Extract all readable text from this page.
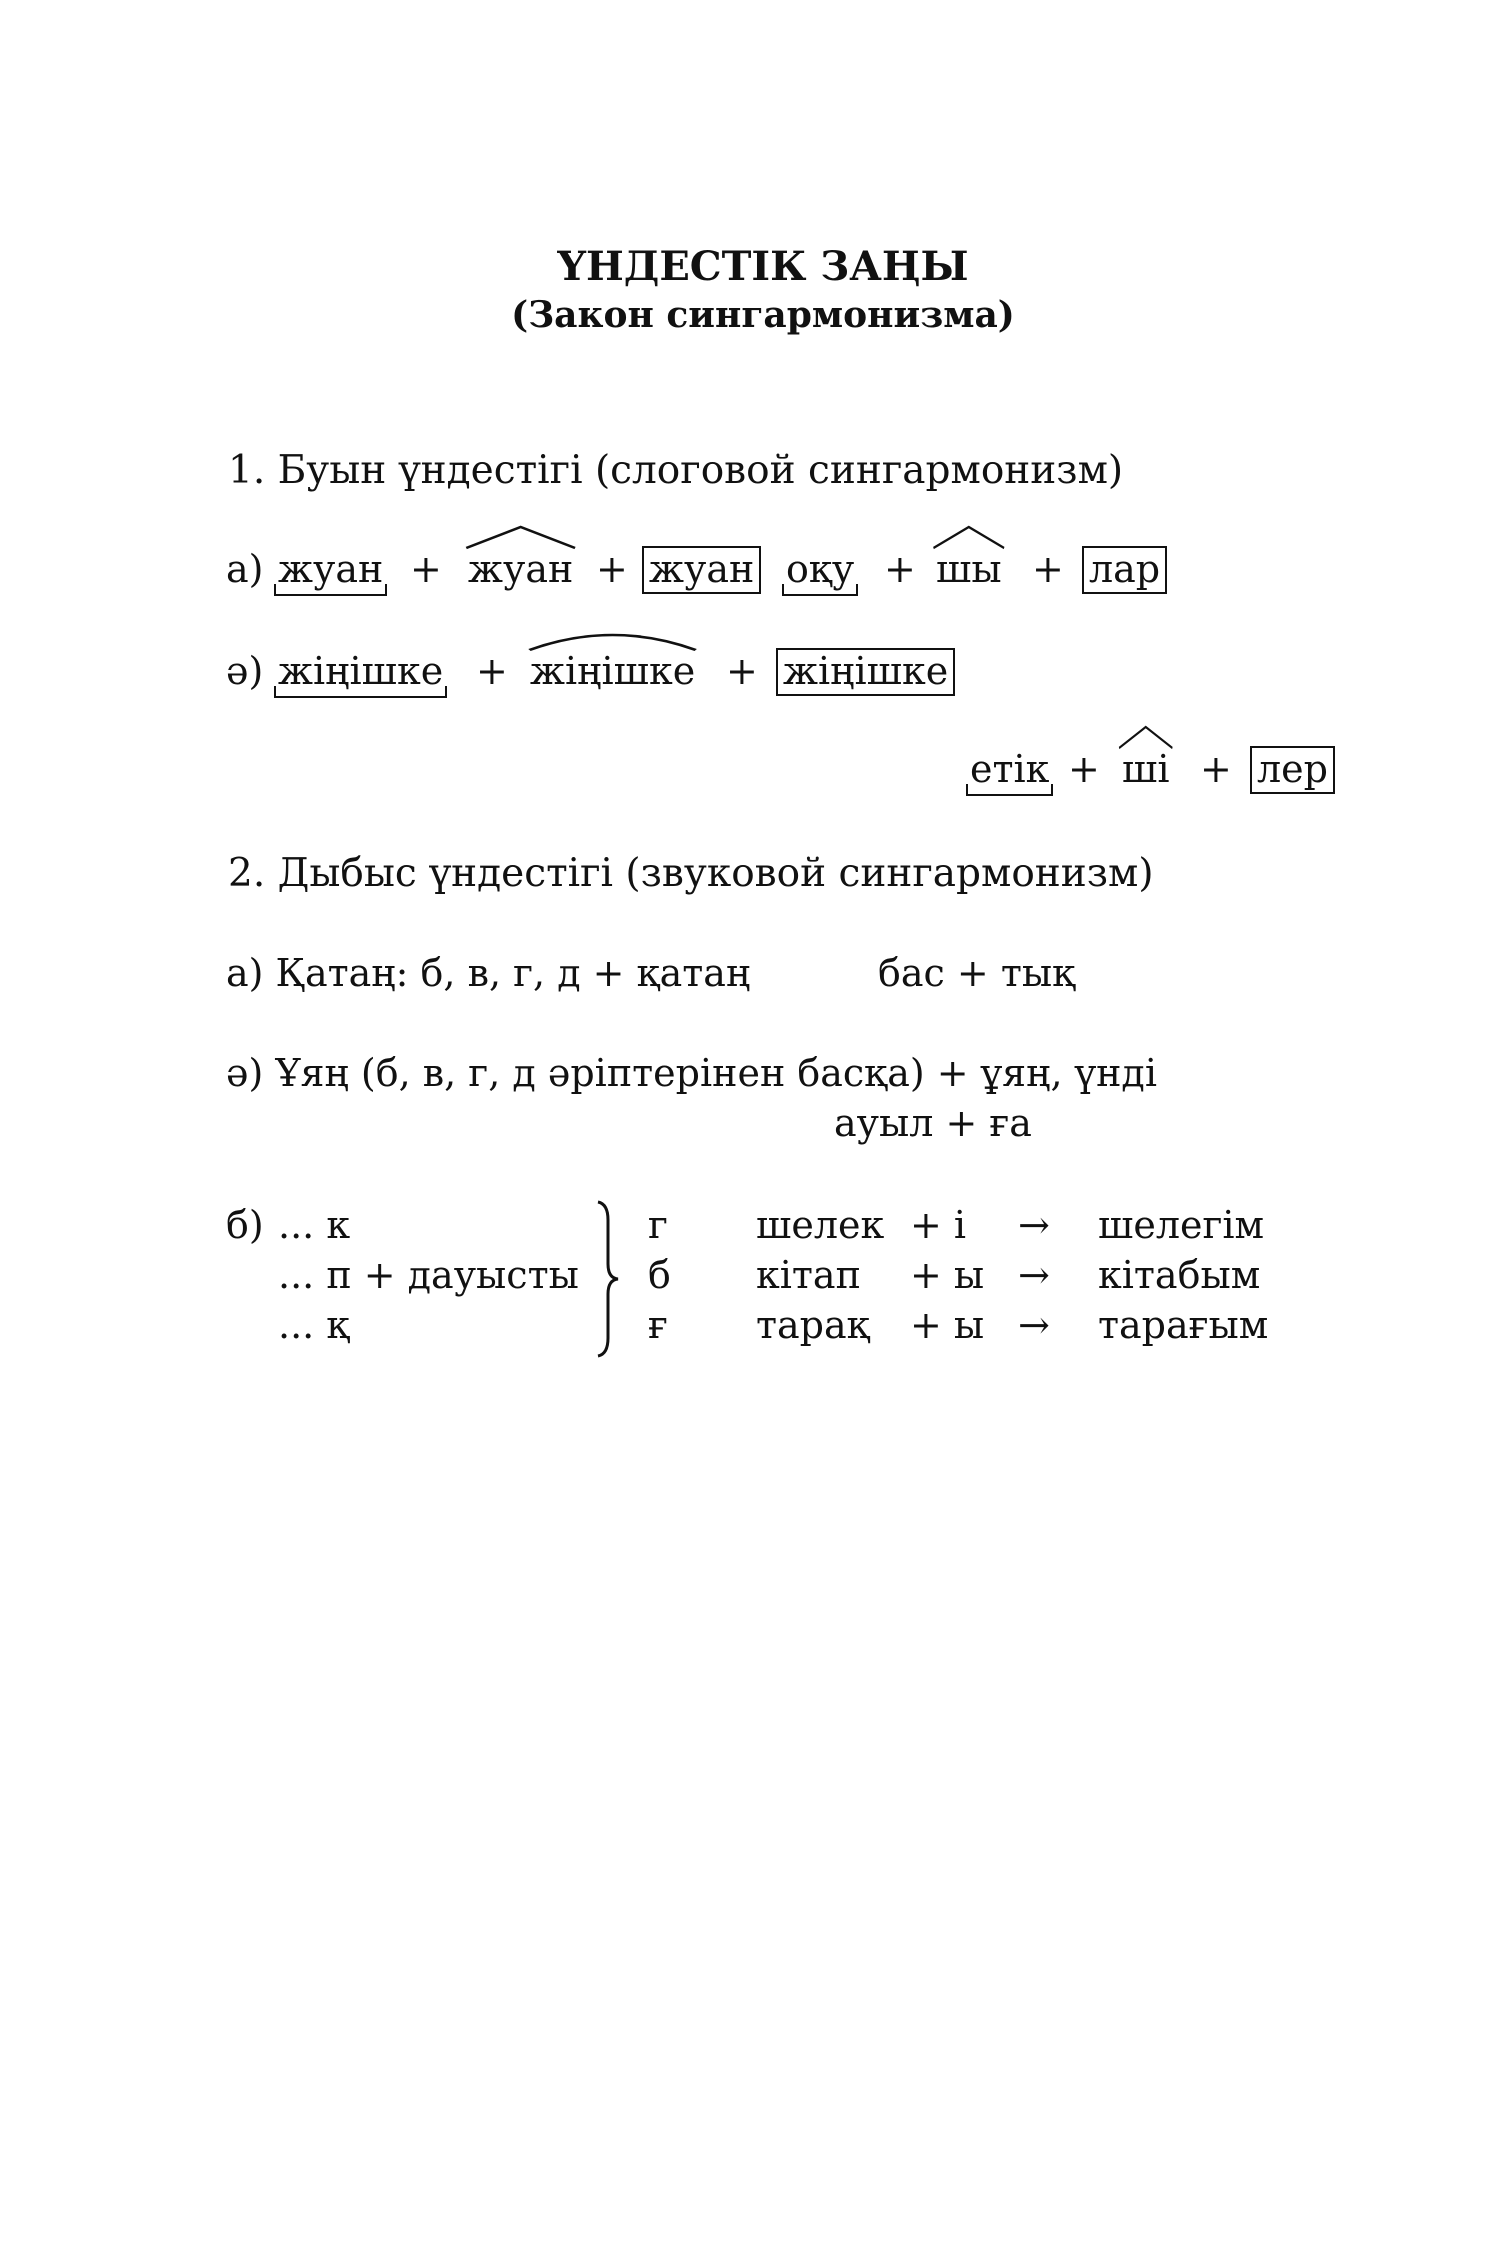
ҮНДЕСТІК ЗАҢЫ
(Закон сингармонизма)
1. Буын үндестігі (слоговой сингармонизм)
а) жуан + жуан + жуан оқу + шы + лар
ә) жіңішке + жіңішке + жіңішке
етік + ші + лер
2. Дыбыс үндестігі (звуковой сингармонизм)
а) Қатаң: б, в, г, д + қатаң	бас + тық
ә) Ұяң (б, в, г, д әріптерінен басқа) + ұяң, үнді
ауыл + ға
б) ... к
... п + дауысты
... қ
г
б
ғ
шелек
кітап
тарақ
+ і
+ ы
+ ы
→
→
→
шелегім
кітабым
тарағым
